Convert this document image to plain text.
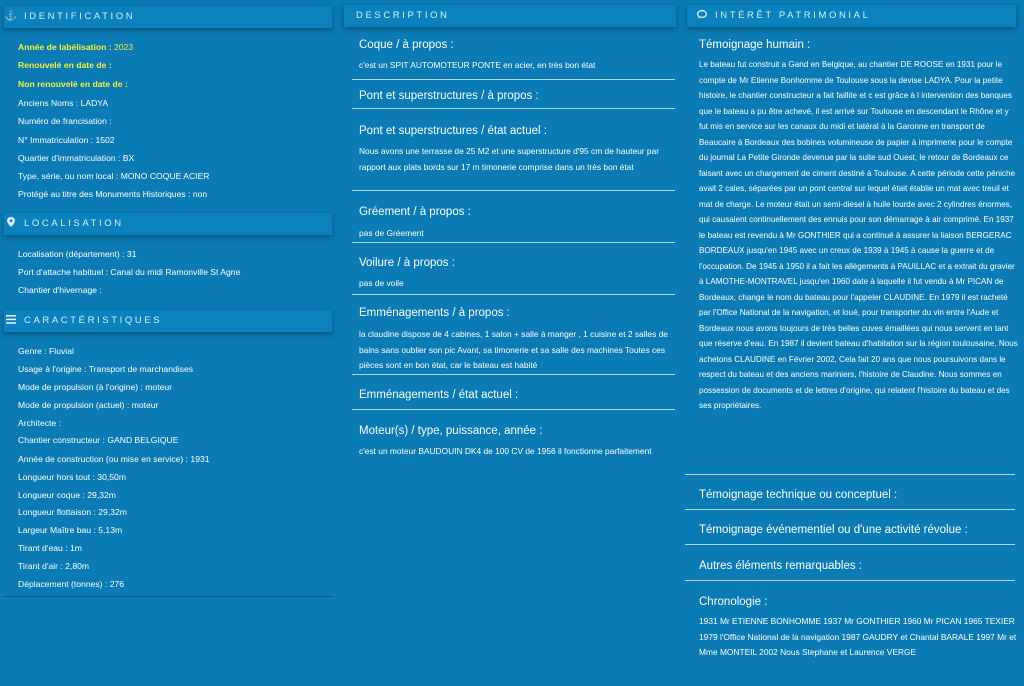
⚓ IDENTIFICATION
Année de labélisation : 2023
Renouvelé en date de :
Non renouvelé en date de :
Anciens Noms : LADYA
Numéro de francisation :
N° Immatriculation : 1502
Quartier d'immatriculation : BX
Type, série, ou nom local : MONO COQUE ACIER
Protégé au titre des Monuments Historiques : non
LOCALISATION
Localisation (département) : 31
Port d'attache habituel : Canal du midi Ramonville St Agne
Chantier d'hivernage :
CARACTÉRISTIQUES
Genre : Fluvial
Usage à l'origine : Transport de marchandises
Mode de propulsion (à l'origine) : moteur
Mode de propulsion (actuel) : moteur
Architecte :
Chantier constructeur : GAND BELGIQUE
Année de construction (ou mise en service) : 1931
Longueur hors tout : 30,50m
Longueur coque : 29,32m
Longueur flottaison : 29,32m
Largeur Maître bau : 5,13m
Tirant d'eau : 1m
Tirant d'air : 2,80m
Déplacement (tonnes) : 276
DESCRIPTION
Coque / à propos :
c'est un SPIT AUTOMOTEUR PONTE en acier, en très bon état
Pont et superstructures / à propos :
Pont et superstructures / état actuel :
Nous avons une terrasse de 25 M2 et une superstructure d'95 cm de hauteur par rapport aux plats bords sur 17 m timonerie comprise dans un très bon état
Gréement / à propos :
pas de Gréement
Voilure / à propos :
pas de voile
Emménagements / à propos :
la claudine dispose de 4 cabines, 1 salon + salle à manger , 1 cuisine et 2 salles de bains sans oublier son pic Avant, sa timonerie et sa salle des machines Toutes ces pièces sont en bon état, car le bateau est habité
Emménagements / état actuel :
Moteur(s) / type, puissance, année :
c'est un moteur BAUDOUIN DK4 de 100 CV de 1956 il fonctionne parfaitement
INTÉRÊT PATRIMONIAL
Témoignage humain :
Le bateau fut construit a Gand en Belgique, au chantier DE ROOSE en 1931 pour le compte de Mr Etienne Bonhomme de Toulouse sous la devise LADYA. Pour la petite histoire, le chantier constructeur a fait faillite et c est grâce à l intervention des banques que le bateau a pu être achevé, il est arrivé sur Toulouse en descendant le Rhône et y fut mis en service sur les canaux du midi et latéral à la Garonne en transport de Beaucaire à Bordeaux des bobines volumineuse de papier à imprimerie pour le compte du journal La Petite Gironde devenue par la suite sud Ouest, le retour de Bordeaux ce faisant avec un chargement de ciment destiné à Toulouse. A cette période cette péniche avait 2 cales, séparées par un pont central sur lequel était établie un mat avec treuil et mat de charge. Le moteur était un semi-diesel à huile lourde avec 2 cylindres énormes, qui causaient continuellement des ennuis pour son démarrage à air comprimé. En 1937 le bateau est revendu à Mr GONTHIER qui a continué à assurer la liaison BERGERAC BORDEAUX jusqu'en 1945 avec un creux de 1939 à 1945 à cause la guerre et de l'occupation. De 1945 à 1950 il a fait les allègements à PAUILLAC et a extrait du gravier à LAMOTHE-MONTRAVEL jusqu'en 1960 date à laquelle il fut vendu à Mr PICAN de Bordeaux, change le nom du bateau pour l'appeler CLAUDINE. En 1979 il est racheté par l'Office National de la navigation, et loué, pour transporter du vin entre l'Aude et Bordeaux nous avons toujours de très belles cuves émaillées qui nous servent en tant que réserve d'eau. En 1987 il devient bateau d'habitation sur la région toulousaine, Nous achetons CLAUDINE en Février 2002, Cela fait 20 ans que nous poursuivons dans le respect du bateau et des anciens mariniers, l'histoire de Claudine. Nous sommes en possession de documents et de lettres d'origine, qui relatent l'histoire du bateau et des ses propriétaires.
Témoignage technique ou conceptuel :
Témoignage événementiel ou d'une activité révolue :
Autres éléments remarquables :
Chronologie :
1931 Mr ETIENNE BONHOMME 1937 Mr GONTHIER 1960 Mr PICAN 1965 TEXIER 1979 l'Office National de la navigation 1987 GAUDRY et Chantal BARALE 1997 Mr et Mme MONTEIL 2002 Nous Stephane et Laurence VERGE
